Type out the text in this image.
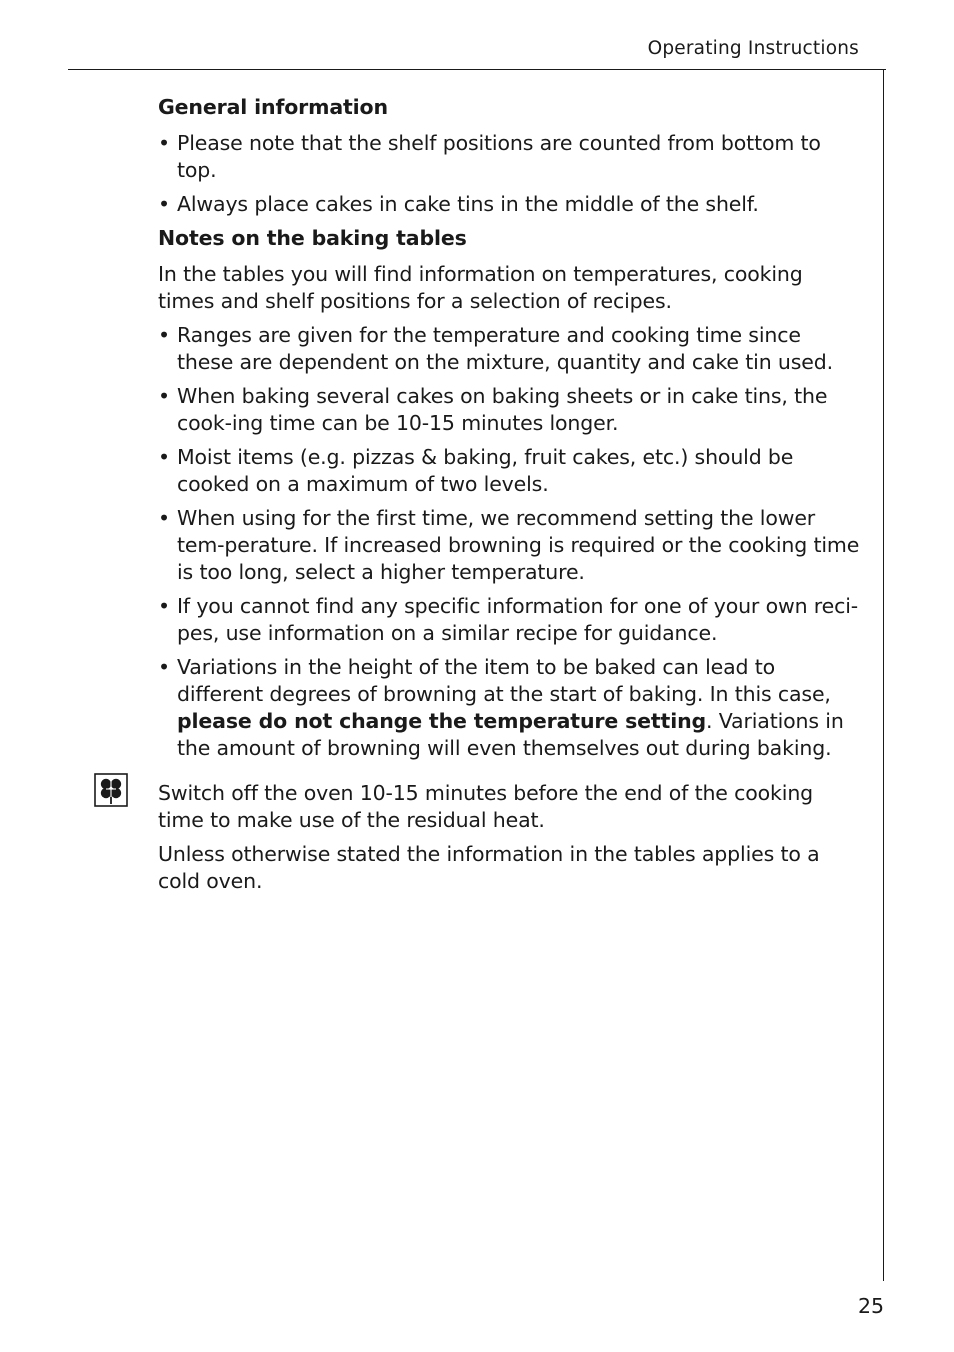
Operating Instructions
General information
• Please note that the shelf positions are counted from bottom to top.
• Always place cakes in cake tins in the middle of the shelf.
Notes on the baking tables

In the tables you will find information on temperatures, cooking times and shelf positions for a selection of recipes.

• Ranges are given for the temperature and cooking time since these are dependent on the mixture, quantity and cake tin used.
• When baking several cakes on baking sheets or in cake tins, the cook-ing time can be 10-15 minutes longer.
• Moist items (e.g. pizzas & baking, fruit cakes, etc.) should be cooked on a maximum of two levels.
• When using for the first time, we recommend setting the lower tem-perature. If increased browning is required or the cooking time is too long, select a higher temperature.
• If you cannot find any specific information for one of your own reci-pes, use information on a similar recipe for guidance.
• Variations in the height of the item to be baked can lead to different degrees of browning at the start of baking. In this case, please do not change the temperature setting. Variations in the amount of browning will even themselves out during baking.

Switch off the oven 10-15 minutes before the end of the cooking time to make use of the residual heat.

Unless otherwise stated the information in the tables applies to a cold oven.

25
